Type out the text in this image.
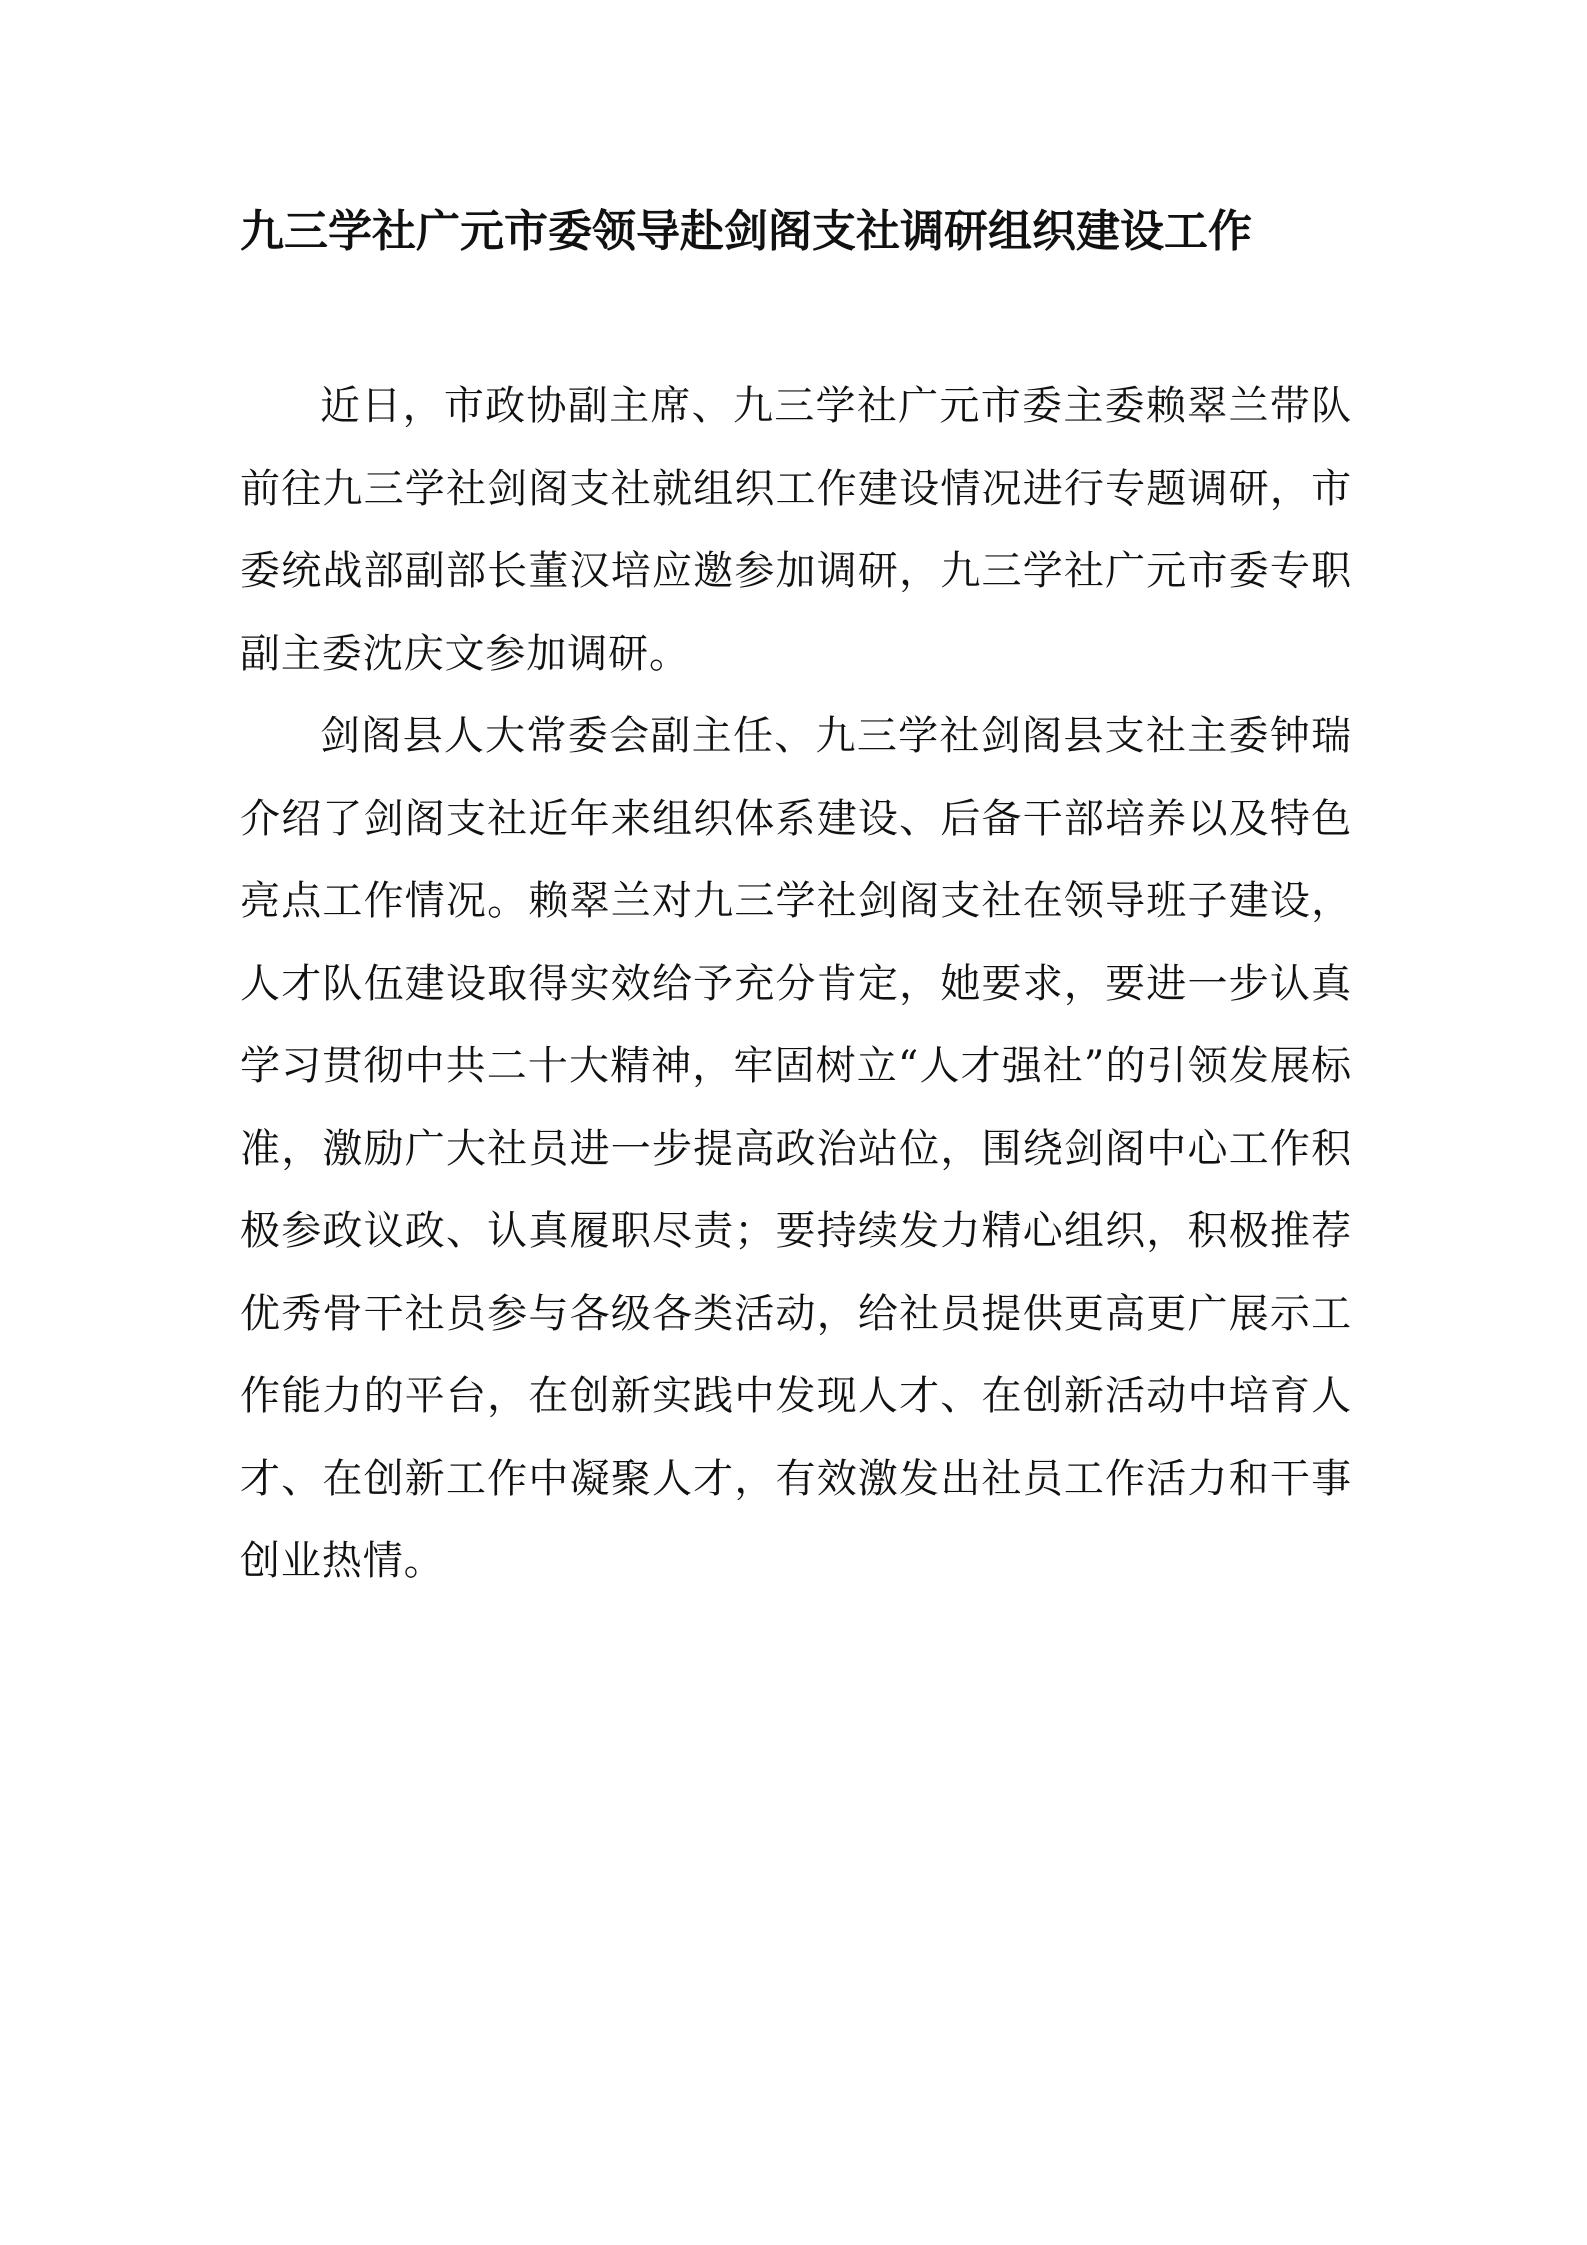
九三学社广元市委领导赴剑阁支社调研组织建设工作

近日，市政协副主席、九三学社广元市委主委赖翠兰带队前往九三学社剑阁支社就组织工作建设情况进行专题调研，市委统战部副部长董汉培应邀参加调研，九三学社广元市委专职副主委沈庆文参加调研。

剑阁县人大常委会副主任、九三学社剑阁县支社主委钟瑞介绍了剑阁支社近年来组织体系建设、后备干部培养以及特色亮点工作情况。赖翠兰对九三学社剑阁支社在领导班子建设，人才队伍建设取得实效给予充分肯定，她要求，要进一步认真学习贯彻中共二十大精神，牢固树立“人才强社”的引领发展标准，激励广大社员进一步提高政治站位，围绕剑阁中心工作积极参政议政、认真履职尽责；要持续发力精心组织，积极推荐优秀骨干社员参与各级各类活动，给社员提供更高更广展示工作能力的平台，在创新实践中发现人才、在创新活动中培育人才、在创新工作中凝聚人才，有效激发出社员工作活力和干事创业热情。
